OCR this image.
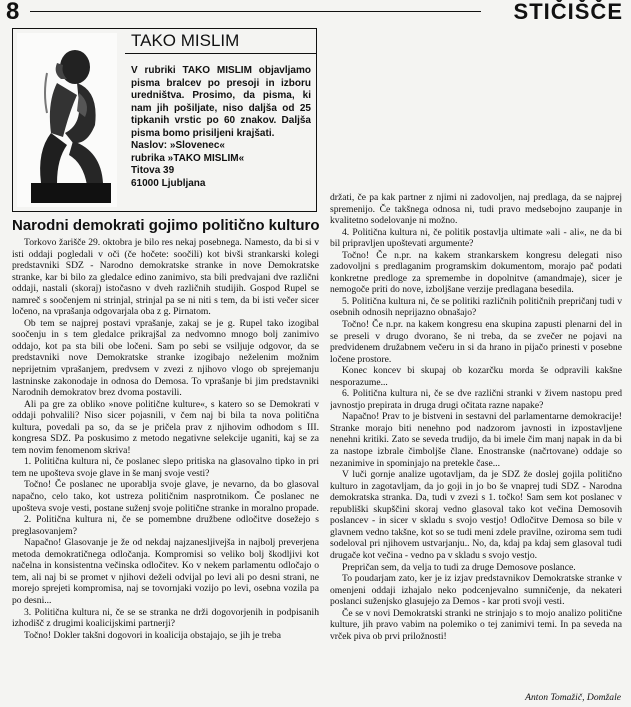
8	STIČIŠČE
TAKO MISLIM

V rubriki TAKO MISLIM objavljamo pisma bralcev po presoji in izboru uredništva. Prosimo, da pisma, ki nam jih pošiljate, niso daljša od 25 tipkanih vrstic po 60 znakov. Dalјša pisma bomo prisiljeni krajšati.

Naslov: »Slovenec«

rubrika »TAKO MISLIM«

Titova 39

61000 Ljubljana

Narodni demokrati gojimo politično kulturo

Torkovo žarišče 29. oktobra je bilo res nekaj posebnega. Namesto, da bi si v isti oddaji pogledali v oči (če hočete: soočili) kot bivši strankarski kolegi predstavniki SDZ - Narodno demokratske stranke in nove Demokratske stranke, kar bi bilo za gledalce edino zanimivo, sta bili predvajani dve različni oddaji, nastali (skoraj) istočasno v dveh različnih studijih. Gospod Rupel se namreč s soočenjem ni strinjal, strinjal pa se ni niti s tem, da bi isti večer sicer ločeno, na vprašanja odgovarjala oba z g. Pirnatom.

Ob tem se najprej postavi vprašanje, zakaj se je g. Rupel tako izogibal soočenju in s tem gledalce prikrajšal za nedvomno mnogo bolj zanimivo oddajo, kot pa sta bili obe ločeni. Sam po sebi se vsiljuje odgovor, da se predstavniki nove Demokratske stranke izogibajo neželenim možnim neprijetnim vprašanjem, predvsem v zvezi z njihovo vlogo ob sprejemanju lastninske zakonodaje in odnosa do Demosa. To vprašanje bi jim predstavniki Narodnih demokratov brez dvoma postavili.

Ali pa gre za obliko »nove politične kulture«, s katero so se Demokrati v oddaji pohvalili? Niso sicer pojasnili, v čem naj bi bila ta nova politična kultura, povedali pa so, da se je pričela prav z njihovim odhodom s III. kongresa SDZ. Pa poskusimo z metodo negativne selekcije uganiti, kaj se za tem novim fenomenom skriva!

1. Politična kultura ni, če poslanec slepo pritiska na glasovalno tipko in pri tem ne upošteva svoje glave in še manj svoje vesti?

Točno! Če poslanec ne uporablja svoje glave, je nevarno, da bo glasoval napačno, celo tako, kot ustreza političnim nasprotnikom. Če poslanec ne upošteva svoje vesti, postane suženj svoje politične stranke in moralno propade.

2. Politična kultura ni, če se pomembne družbene odločitve dosežejo s preglasovanjem?

Napačno! Glasovanje je že od nekdaj najzanesljivejša in najbolj preverjena metoda demokratičnega odločanja. Kompromisi so veliko bolj škodljivi kot načelna in konsistentna večinska odločitev. Ko v nekem parlamentu odločajo o tem, ali naj bi se promet v njihovi deželi odvijal po levi ali po desni strani, ne morejo sprejeti kompromisa, naj se tovornjaki vozijo po levi, osebna vozila pa po desni...

3. Politična kultura ni, če se se stranka ne drži dogovorjenih in podpisanih izhodišč z drugimi koalicijskimi partnerji?

Točno! Dokler takšni dogovori in koalicija obstajajo, se jih je treba

držati, če pa kak partner z njimi ni zadovoljen, naj predlaga, da se najprej spremenijo. Če takšnega odnosa ni, tudi pravo medsebojno zaupanje in kvalitetno sodelovanje ni možno.

4. Politična kultura ni, če politik postavlja ultimate »ali - ali«, ne da bi bil pripravljen upoštevati argumente?

Točno! Če n.pr. na kakem strankarskem kongresu delegati niso zadovoljni s predlaganim programskim dokumentom, morajo pač podati konkretne predloge za spremembe in dopolnitve (amandmaje), sicer je nemogoče priti do nove, izboljšane verzije predlagana besedila.

5. Politična kultura ni, če se politiki različnih političnih prepričanj tudi v osebnih odnosih neprijazno obnašajo?

Točno! Če n.pr. na kakem kongresu ena skupina zapusti plenarni del in se preseli v drugo dvorano, še ni treba, da se zvečer ne pojavi na predvidenem družabnem večeru in si da hrano in pijačo prinesti v posebne ločene prostore.

Konec koncev bi skupaj ob kozarčku morda še odpravili kakšne nesporazume...

6. Politična kultura ni, če se dve različni stranki v živem nastopu pred javnostjo prepirata in druga drugi očitata razne napake?

Napačno! Prav to je bistveni in sestavni del parlamentarne demokracije! Stranke morajo biti nenehno pod nadzorom javnosti in izpostavljene nenehni kritiki. Zato se seveda trudijo, da bi imele čim manj napak in da bi za nastope izbrale čimbolјše člane. Enostranske (načrtovane) oddaje so nezanimive in spominjajo na pretekle čase...

V luči gornje analize ugotavljam, da je SDZ že doslej gojila politično kulturo in zagotavljam, da jo goji in jo bo še vnaprej tudi SDZ - Narodna demokratska stranka. Da, tudi v zvezi s 1. točko! Sam sem kot poslanec v republiški skupščini skoraj vedno glasoval tako kot večina Demosovih poslancev - in sicer v skladu s svojo vestjo! Odločitve Demosa so bile v glavnem vedno takšne, kot so se tudi meni zdele pravilne, oziroma sem tudi sodeloval pri njihovem ustvarjanju.. No, da, kdaj pa kdaj sem glasoval tudi drugače kot večina - vedno pa v skladu s svojo vestjo.

Prepričan sem, da velja to tudi za druge Demosove poslance.

To poudarjam zato, ker je iz izjav predstavnikov Demokratske stranke v omenjeni oddaji izhajalo neko podcenjevalno sumničenje, da nekateri poslanci suženjsko glasujejo za Demos - kar proti svoji vesti.

Če se v novi Demokratski stranki ne strinjajo s to mojo analizo politične kulture, jih pravo vabim na polemiko o tej zanimivi temi. In pa seveda na vrček piva ob prvi priložnosti!

Anton Tomažič, Domžale
